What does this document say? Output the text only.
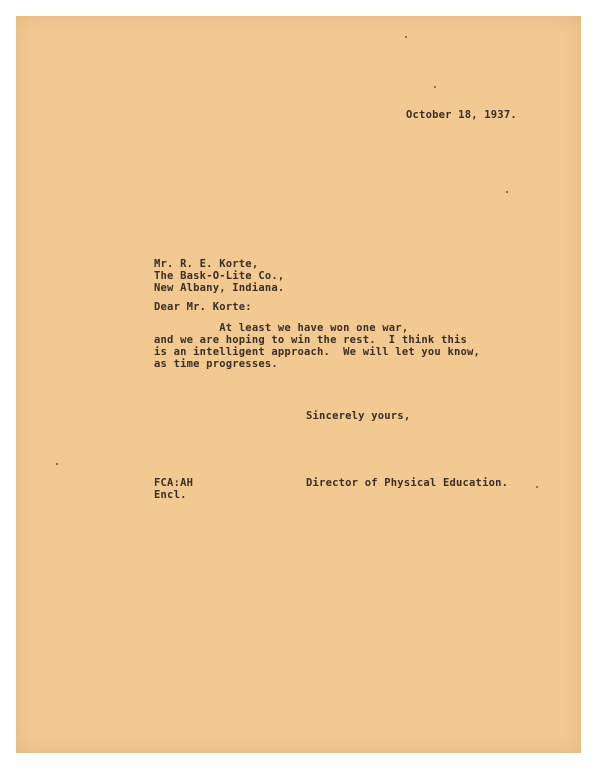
October 18, 1937.
Mr. R. E. Korte,
The Bask-O-Lite Co.,
New Albany, Indiana.
Dear Mr. Korte:
At least we have won one war,
and we are hoping to win the rest.  I think this
is an intelligent approach.  We will let you know,
as time progresses.
Sincerely yours,
Director of Physical Education.
FCA:AH
Encl.
